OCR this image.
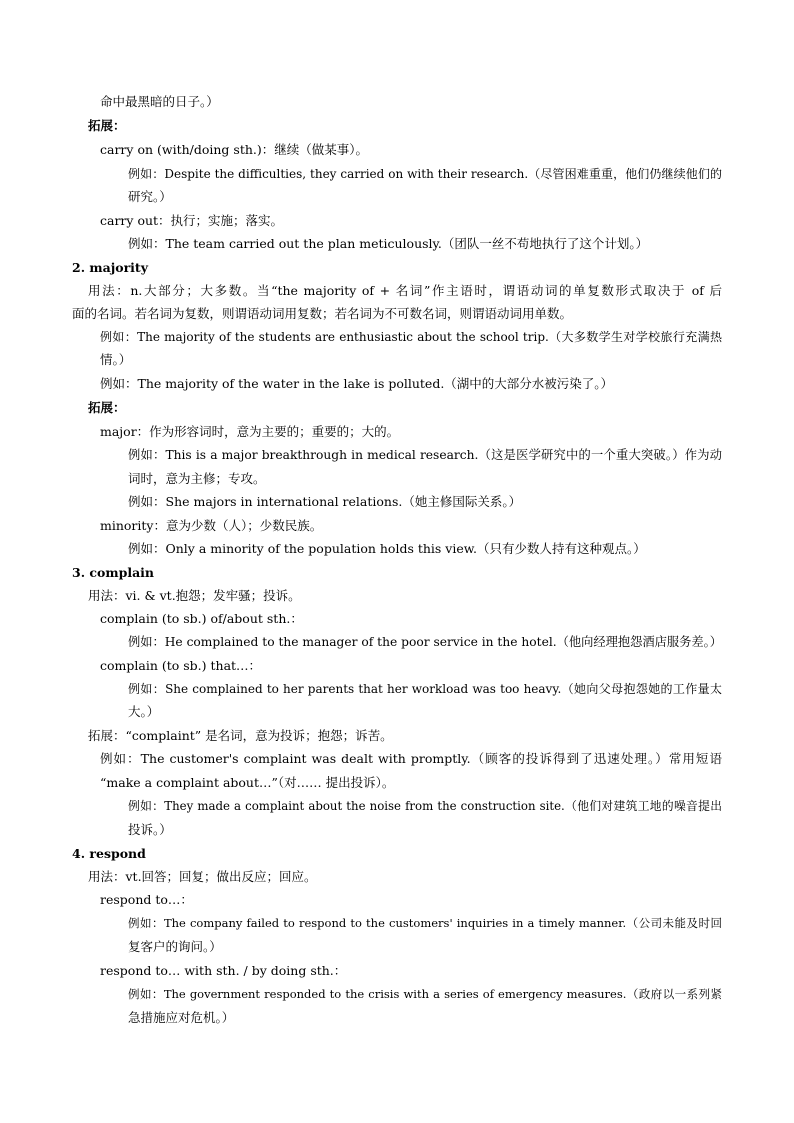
命中最黑暗的日子。）
拓展：
carry on (with/doing sth.)：继续（做某事）。
例如：Despite the difficulties, they carried on with their research.（尽管困难重重，他们仍继续他们的
研究。）
carry out：执行；实施；落实。
例如：The team carried out the plan meticulously.（团队一丝不苟地执行了这个计划。）
2. majority
用法：n.大部分；大多数。当“the majority of + 名词”作主语时，谓语动词的单复数形式取决于 of 后
面的名词。若名词为复数，则谓语动词用复数；若名词为不可数名词，则谓语动词用单数。
例如：The majority of the students are enthusiastic about the school trip.（大多数学生对学校旅行充满热
情。）
例如：The majority of the water in the lake is polluted.（湖中的大部分水被污染了。）
拓展：
major：作为形容词时，意为主要的；重要的；大的。
例如：This is a major breakthrough in medical research.（这是医学研究中的一个重大突破。）作为动
词时，意为主修；专攻。
例如：She majors in international relations.（她主修国际关系。）
minority：意为少数（人）；少数民族。
例如：Only a minority of the population holds this view.（只有少数人持有这种观点。）
3. complain
用法：vi. & vt.抱怨；发牢骚；投诉。
complain (to sb.) of/about sth.：
例如：He complained to the manager of the poor service in the hotel.（他向经理抱怨酒店服务差。）
complain (to sb.) that…：
例如：She complained to her parents that her workload was too heavy.（她向父母抱怨她的工作量太
大。）
拓展：“complaint” 是名词，意为投诉；抱怨；诉苦。
例如：The customer's complaint was dealt with promptly.（顾客的投诉得到了迅速处理。）常用短语
“make a complaint about…”（对…… 提出投诉）。
例如：They made a complaint about the noise from the construction site.（他们对建筑工地的噪音提出
投诉。）
4. respond
用法：vt.回答；回复；做出反应；回应。
respond to…：
例如：The company failed to respond to the customers' inquiries in a timely manner.（公司未能及时回
复客户的询问。）
respond to… with sth. / by doing sth.：
例如：The government responded to the crisis with a series of emergency measures.（政府以一系列紧
急措施应对危机。）
